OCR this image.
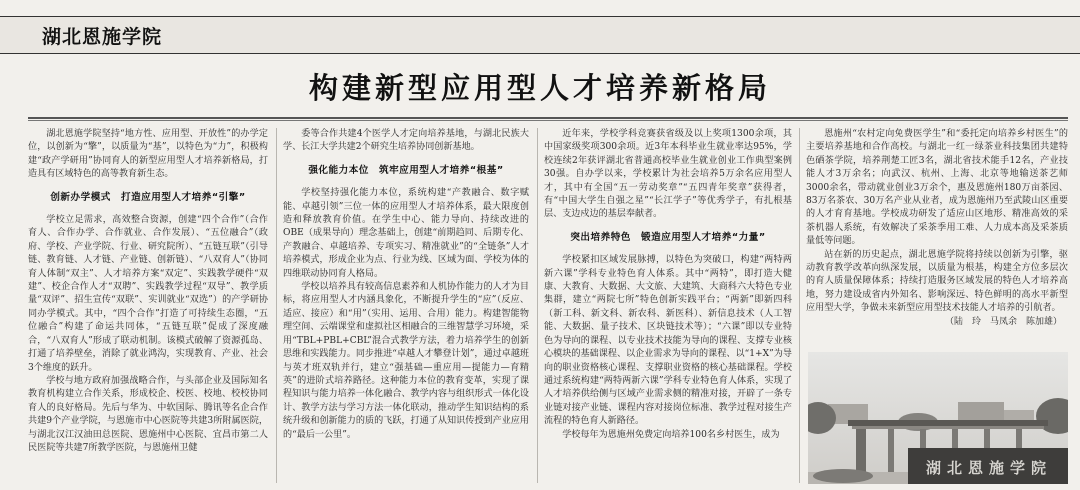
湖北恩施学院
构建新型应用型人才培养新格局

湖北恩施学院坚持“地方性、应用型、开放性”的办学定位，以创新为“擎”，以质量为“基”，以特色为“力”，积极构建“政产学研用”协同育人的新型应用型人才培养新格局，打造具有区域特色的高等教育新生态。

创新办学模式　打造应用型人才培养“引擎”

学校立足需求，高效整合资源，创建“四个合作”（合作育人、合作办学、合作就业、合作发展）、“五位融合”（政府、学校、产业学院、行业、研究院所）、“五链互联”（引导链、教育链、人才链、产业链、创新链）、“八双育人”（协同育人体制“双主”、人才培养方案“双定”、实践教学硬件“双建”、校企合作人才“双聘”、实践教学过程“双导”、教学质量“双评”、招生宣传“双联”、实训就业“双选”）的产学研协同办学模式。其中，“四个合作”打造了可持续生态圈，“五位融合”构建了命运共同体，“五链互联”促成了深度融合，“八双育人”形成了联动机制。该模式破解了资源孤岛、打通了培养壁垒，消除了就业鸿沟，实现教育、产业、社会3个维度的跃升。

学校与地方政府加强战略合作，与头部企业及国际知名教育机构建立合作关系，形成校企、校医、校地、校校协同育人的良好格局。先后与华为、中软国际、腾讯等名企合作共建9个产业学院，与恩施市中心医院等共建3所附属医院，与湖北汉江汉油田总医院、恩施州中心医院、宜昌市第二人民医院等共建7所教学医院，与恩施州卫健

委等合作共建4个医学人才定向培养基地，与湖北民族大学、长江大学共建2个研究生培养协同创新基地。

强化能力本位　筑牢应用型人才培养“根基”

学校坚持强化能力本位，系统构建“产教融合、数字赋能、卓越引领”三位一体的应用型人才培养体系，最大限度创造和释放教育价值。在学生中心、能力导向、持续改进的OBE（成果导向）理念基础上，创建“前期趋同、后期专化、产教融合、卓越培养、专项实习、精准就业”的“全链条”人才培养模式，形成企业为点、行业为线、区域为面、学校为体的四维联动协同育人格局。

学校以培养具有较高信息素养和人机协作能力的人才为目标，将应用型人才内涵具象化，不断提升学生的“应”（反应、适应、接应）和“用”（实用、运用、合用）能力。构建智能物理空间、云端课堂和虚拟社区相融合的三维智慧学习环境，采用“TBL+PBL+CBL”混合式教学方法，着力培养学生的创新思维和实践能力。同步推进“卓越人才攀登计划”，通过卓越班与英才班双轨并行，建立“强基础—重应用—提能力—育精英”的进阶式培养路径。这种能力本位的教育变革，实现了课程知识与能力培养一体化融合、教学内容与组织形式一体化设计、教学方法与学习方法一体化联动，推动学生知识结构的系统升级和创新能力的质的飞跃，打通了从知识传授到产业应用的“最后一公里”。

近年来，学校学科竞赛获省级及以上奖项1300余项，其中国家级奖项300余项。近3年本科毕业生就业率达95%，学校连续2年获评湖北省普通高校毕业生就业创业工作典型案例30强。自办学以来，学校累计为社会培养5万余名应用型人才，其中有全国“五一劳动奖章”“五四青年奖章”获得者，有“中国大学生自强之星”“长江学子”等优秀学子，有扎根基层、支边戍边的基层奉献者。

突出培养特色　锻造应用型人才培养“力量”

学校紧扣区域发展脉搏，以特色为突破口，构建“两特两新六课”学科专业特色育人体系。其中“两特”，即打造大健康、大教育、大数据、大文旅、大建筑、大商科六大特色专业集群，建立“两院七所”特色创新实践平台；“两新”即新四科（新工科、新文科、新农科、新医科）、新信息技术（人工智能、大数据、量子技术、区块链技术等）；“六课”即以专业特色为导向的课程、以专业技术技能为导向的课程、支撑专业核心模块的基础课程、以企业需求为导向的课程、以“1+X”为导向的职业资格核心课程、支撑职业资格的核心基础课程。学校通过系统构建“两特两新六课”学科专业特色育人体系，实现了人才培养供给侧与区域产业需求侧的精准对接，开辟了一条专业链对接产业链、课程内容对接岗位标准、教学过程对接生产流程的特色育人新路径。

学校每年为恩施州免费定向培养100名乡村医生，成为

恩施州“农村定向免费医学生”和“委托定向培养乡村医生”的主要培养基地和合作高校。与湖北一红一绿茶业科技集团共建特色硒茶学院，培养荆楚工匠3名，湖北省技术能手12名，产业技能人才3万余名；向武汉、杭州、上海、北京等地输送茶艺师3000余名，带动就业创业3万余个，惠及恩施州180万亩茶园、83万名茶农、30万名产业从业者，成为恩施州乃至武陵山区重要的人才育育基地。学校成功研发了适应山区地形、精准高效的采茶机器人系统，有效解决了采茶季用工难、人力成本高及采茶质量低等问题。

站在新的历史起点，湖北恩施学院将持续以创新为引擎，驱动教育教学改革向纵深发展，以质量为根基，构建全方位多层次的育人质量保障体系；持续打造服务区域发展的特色人才培养高地，努力建设成省内外知名、影响深远、特色鲜明的高水平新型应用型大学，争做未来新型应用型技术技能人才培养的引航者。

（陆　玲　马凤余　陈加雄）

湖北恩施学院
